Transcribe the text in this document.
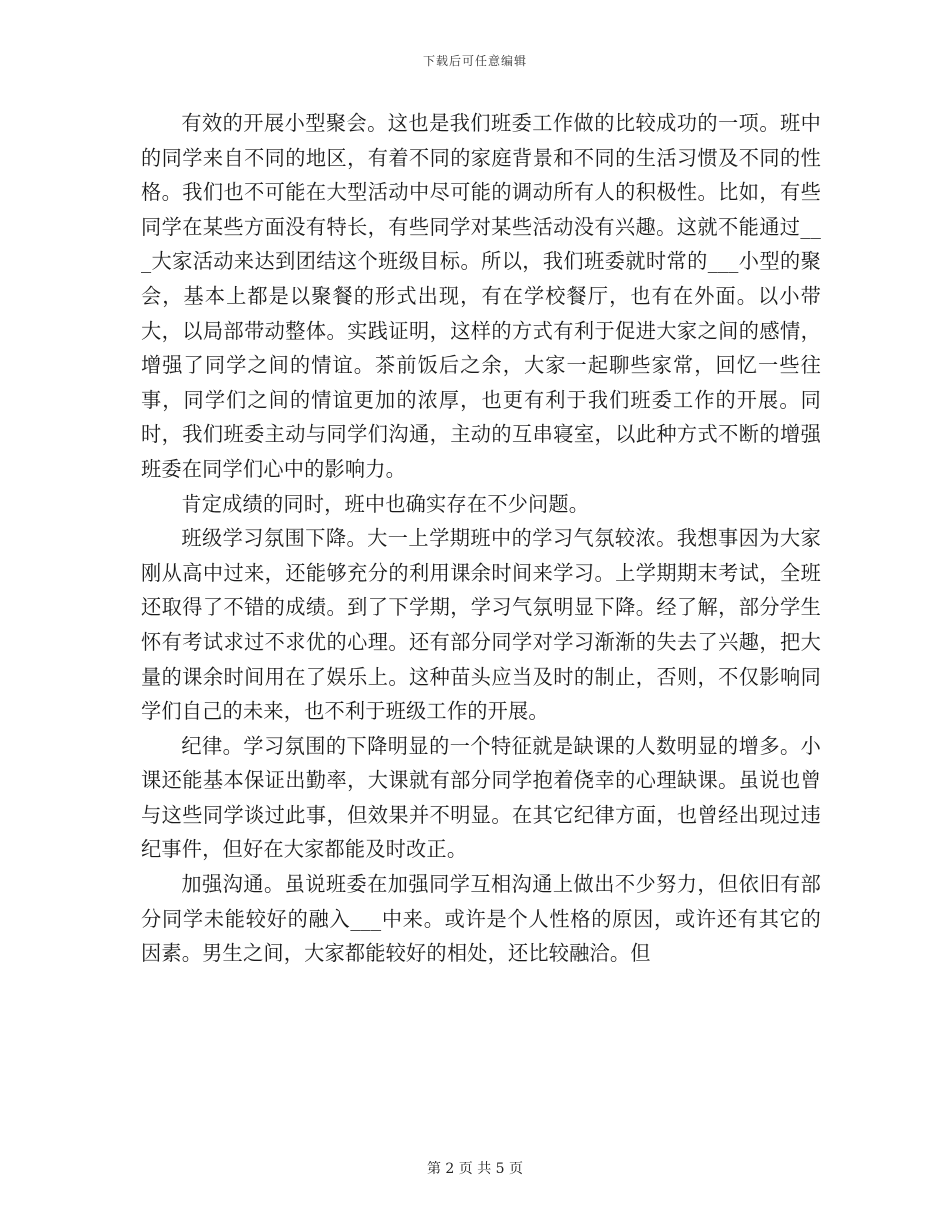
下载后可任意编辑

有效的开展小型聚会。这也是我们班委工作做的比较成功的一项。班中的同学来自不同的地区，有着不同的家庭背景和不同的生活习惯及不同的性格。我们也不可能在大型活动中尽可能的调动所有人的积极性。比如，有些同学在某些方面没有特长，有些同学对某些活动没有兴趣。这就不能通过___大家活动来达到团结这个班级目标。所以，我们班委就时常的___小型的聚会，基本上都是以聚餐的形式出现，有在学校餐厅，也有在外面。以小带大，以局部带动整体。实践证明，这样的方式有利于促进大家之间的感情，增强了同学之间的情谊。茶前饭后之余，大家一起聊些家常，回忆一些往事，同学们之间的情谊更加的浓厚，也更有利于我们班委工作的开展。同时，我们班委主动与同学们沟通，主动的互串寝室，以此种方式不断的增强班委在同学们心中的影响力。

肯定成绩的同时，班中也确实存在不少问题。

班级学习氛围下降。大一上学期班中的学习气氛较浓。我想事因为大家刚从高中过来，还能够充分的利用课余时间来学习。上学期期末考试，全班还取得了不错的成绩。到了下学期，学习气氛明显下降。经了解，部分学生怀有考试求过不求优的心理。还有部分同学对学习渐渐的失去了兴趣，把大量的课余时间用在了娱乐上。这种苗头应当及时的制止，否则，不仅影响同学们自己的未来，也不利于班级工作的开展。

纪律。学习氛围的下降明显的一个特征就是缺课的人数明显的增多。小课还能基本保证出勤率，大课就有部分同学抱着侥幸的心理缺课。虽说也曾与这些同学谈过此事，但效果并不明显。在其它纪律方面，也曾经出现过违纪事件，但好在大家都能及时改正。

加强沟通。虽说班委在加强同学互相沟通上做出不少努力，但依旧有部分同学未能较好的融入___中来。或许是个人性格的原因，或许还有其它的因素。男生之间，大家都能较好的相处，还比较融洽。但

第 2 页 共 5 页
